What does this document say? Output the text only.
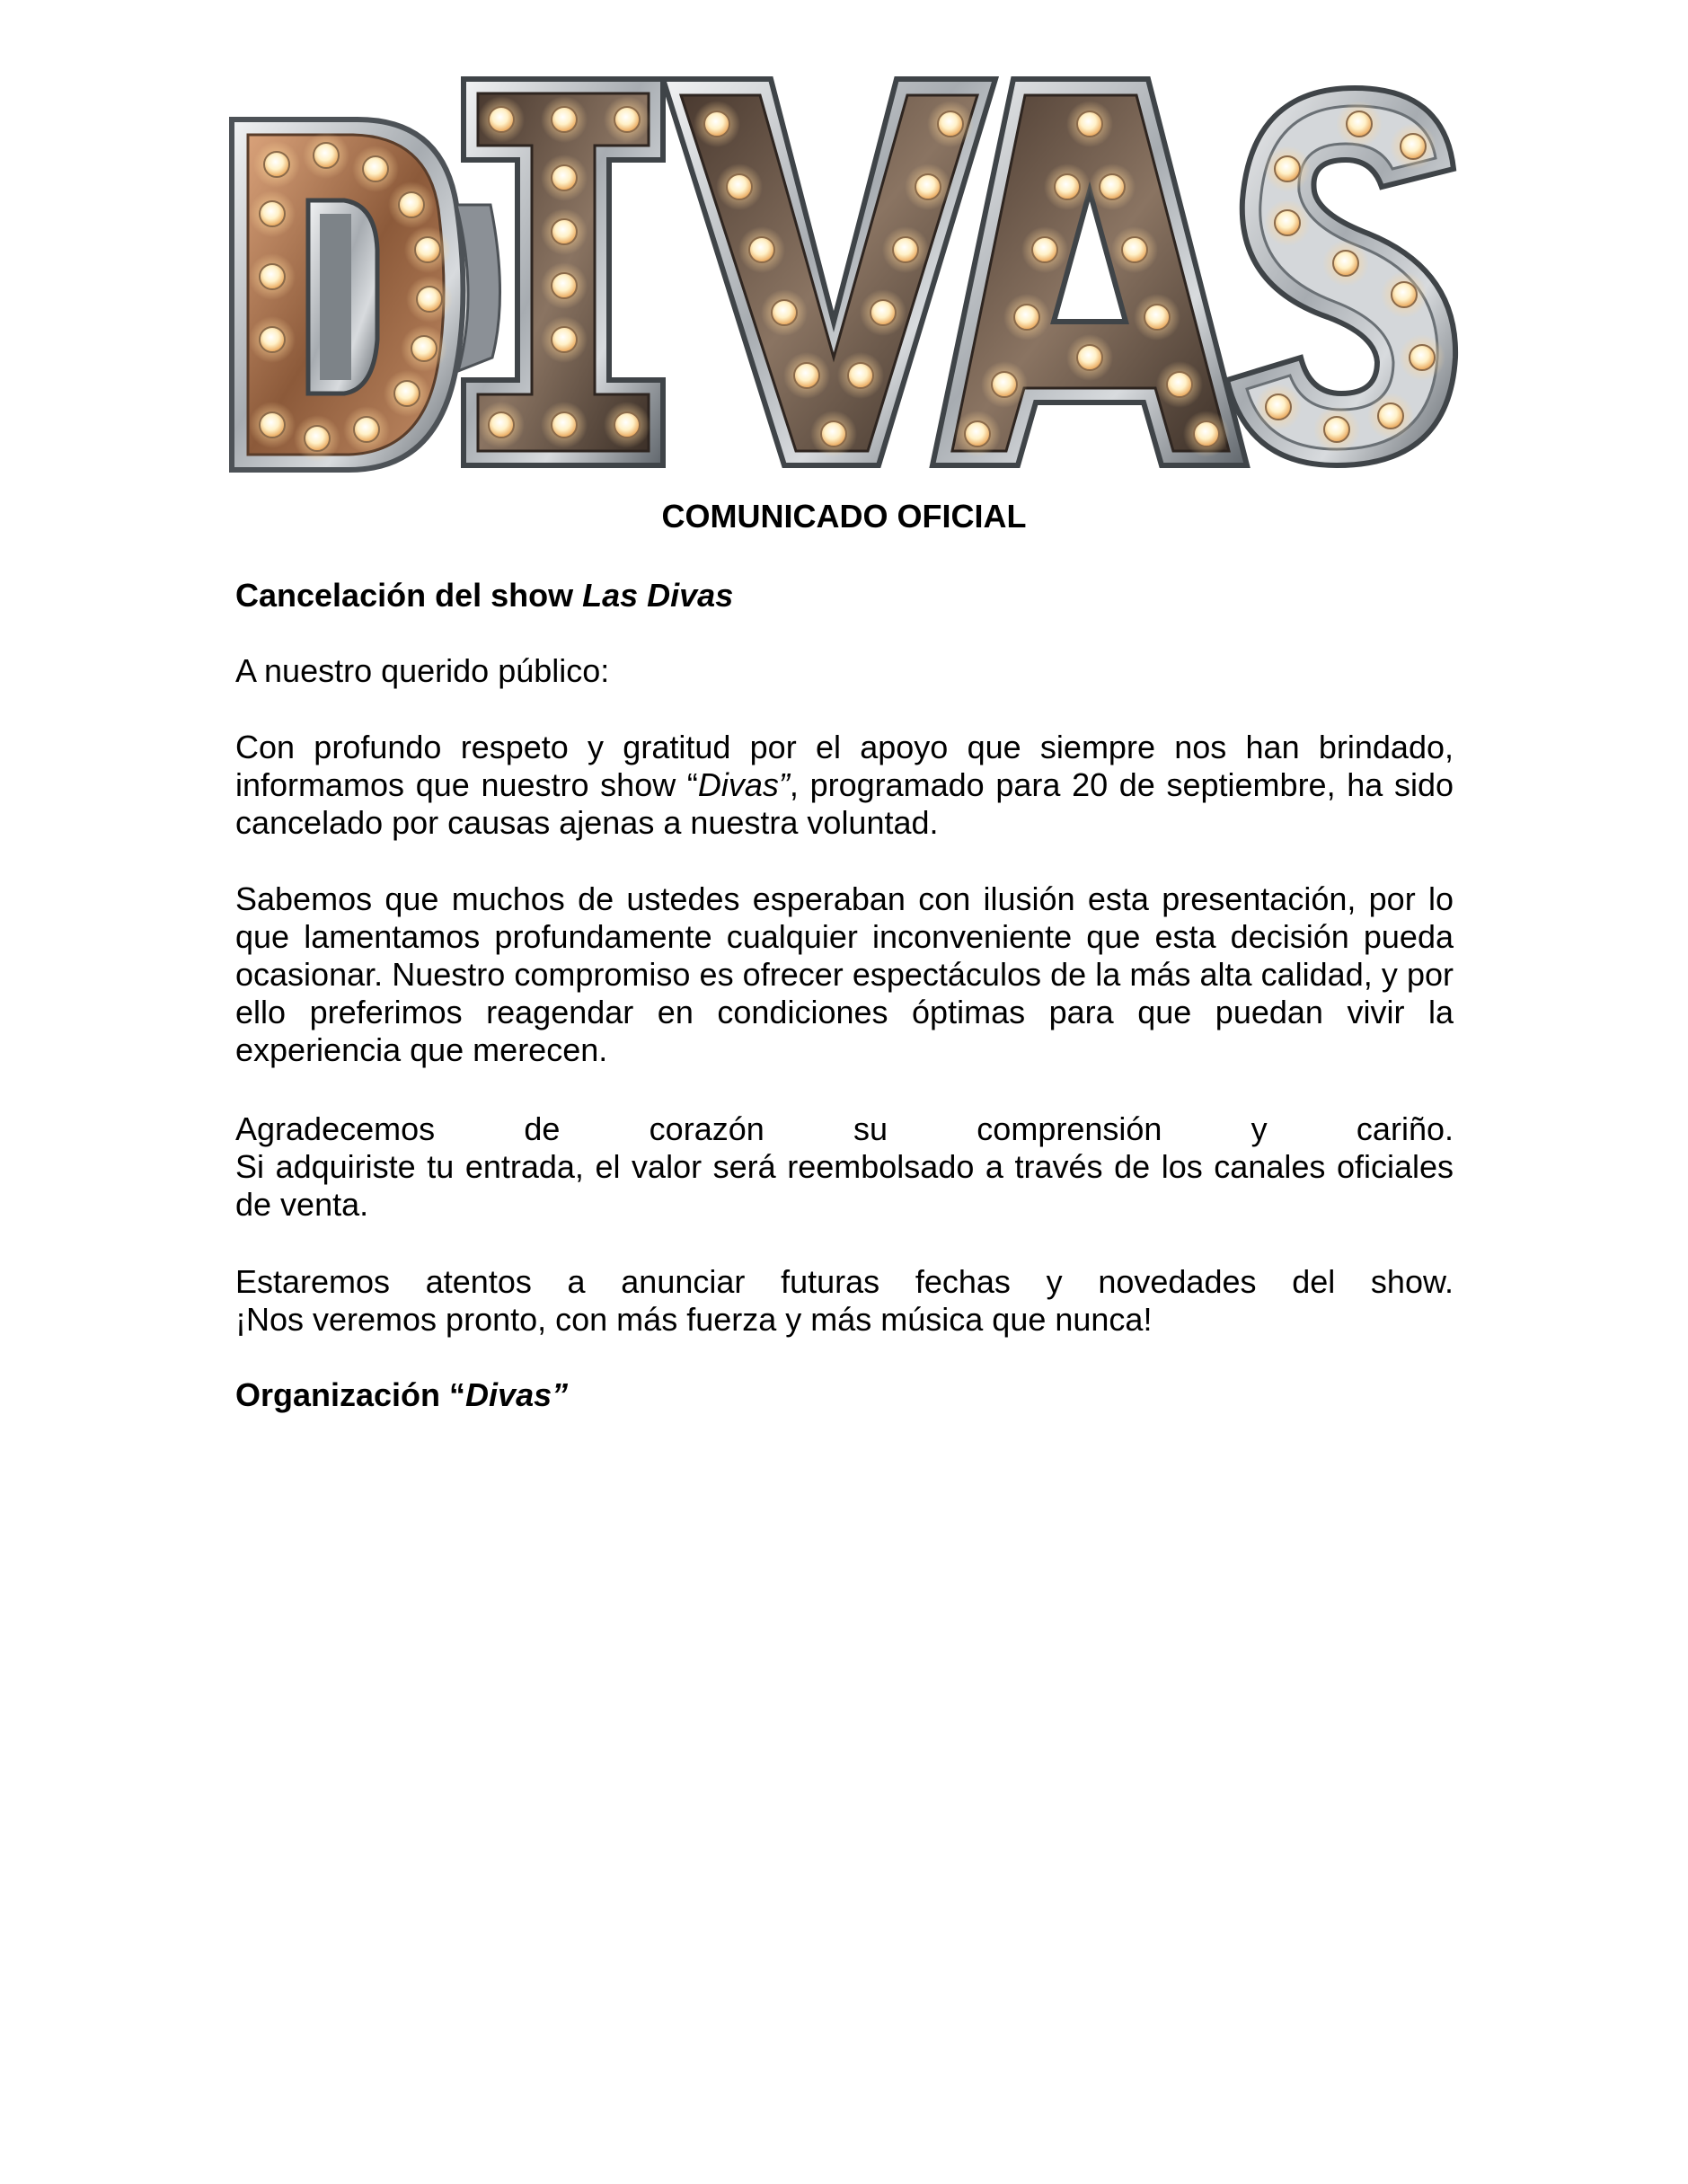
COMUNICADO OFICIAL

Cancelación del show Las Divas

A nuestro querido público:

Con profundo respeto y gratitud por el apoyo que siempre nos han brindado, informamos que nuestro show “Divas”, programado para 20 de septiembre, ha sido cancelado por causas ajenas a nuestra voluntad.

Sabemos que muchos de ustedes esperaban con ilusión esta presentación, por lo que lamentamos profundamente cualquier inconveniente que esta decisión pueda ocasionar. Nuestro compromiso es ofrecer espectáculos de la más alta calidad, y por ello preferimos reagendar en condiciones óptimas para que puedan vivir la experiencia que merecen.

Agradecemos de corazón su comprensión y cariño.
Si adquiriste tu entrada, el valor será reembolsado a través de los canales oficiales de venta.
Estaremos atentos a anunciar futuras fechas y novedades del show.
¡Nos veremos pronto, con más fuerza y más música que nunca!

Organización “Divas”
